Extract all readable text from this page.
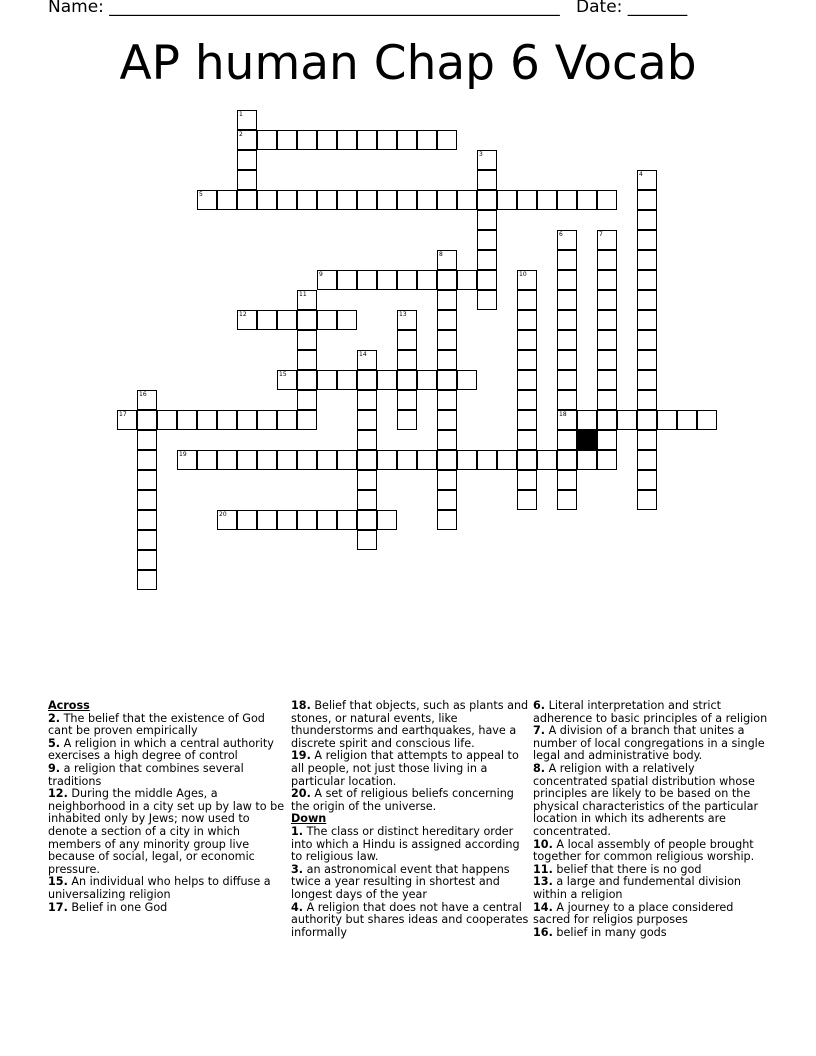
Name: _____________________________________________________ Date: _______
AP human Chap 6 Vocab
1
2
3
4
5
6
18
7
8
9	10
11
12	13
14
15
16
17
19
20
Across

2. The belief that the existence of God cant be proven empirically

5. A religion in which a central authority exercises a high degree of control

9. a religion that combines several traditions

12. During the middle Ages, a neighborhood in a city set up by law to be inhabited only by Jews; now used to denote a section of a city in which members of any minority group live because of social, legal, or economic pressure.

15. An individual who helps to diffuse a universalizing religion

17. Belief in one God

18. Belief that objects, such as plants and stones, or natural events, like thunderstorms and earthquakes, have a discrete spirit and conscious life.

19. A religion that attempts to appeal to all people, not just those living in a particular location.

20. A set of religious beliefs concerning the origin of the universe.

Down

1. The class or distinct hereditary order into which a Hindu is assigned according to religious law.

3. an astronomical event that happens twice a year resulting in shortest and longest days of the year

4. A religion that does not have a central authority but shares ideas and cooperates informally

6. Literal interpretation and strict adherence to basic principles of a religion

7. A division of a branch that unites a number of local congregations in a single legal and administrative body.

8. A religion with a relatively concentrated spatial distribution whose principles are likely to be based on the physical characteristics of the particular location in which its adherents are concentrated.

10. A local assembly of people brought together for common religious worship.

11. belief that there is no god

13. a large and fundemental division within a religion

14. A journey to a place considered sacred for religios purposes

16. belief in many gods
